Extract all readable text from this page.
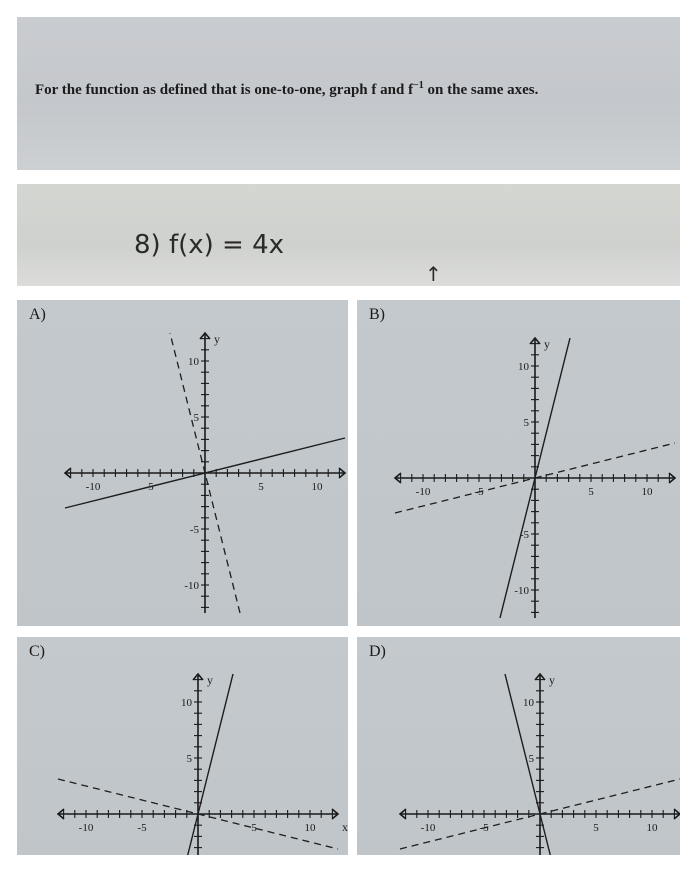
For the function as defined that is one-to-one, graph f and $f^{-1}$ on the same axes.
8) f(x) = 4x
↑
A)
-10	-5	5	10
10
5
-5
-10
y
B)
-10	-5	5	10
10
5
-5
-10
y
C)
-10	-5	5	10
10
5
y
x
D)
-10	-5	5	10
10
5
y
